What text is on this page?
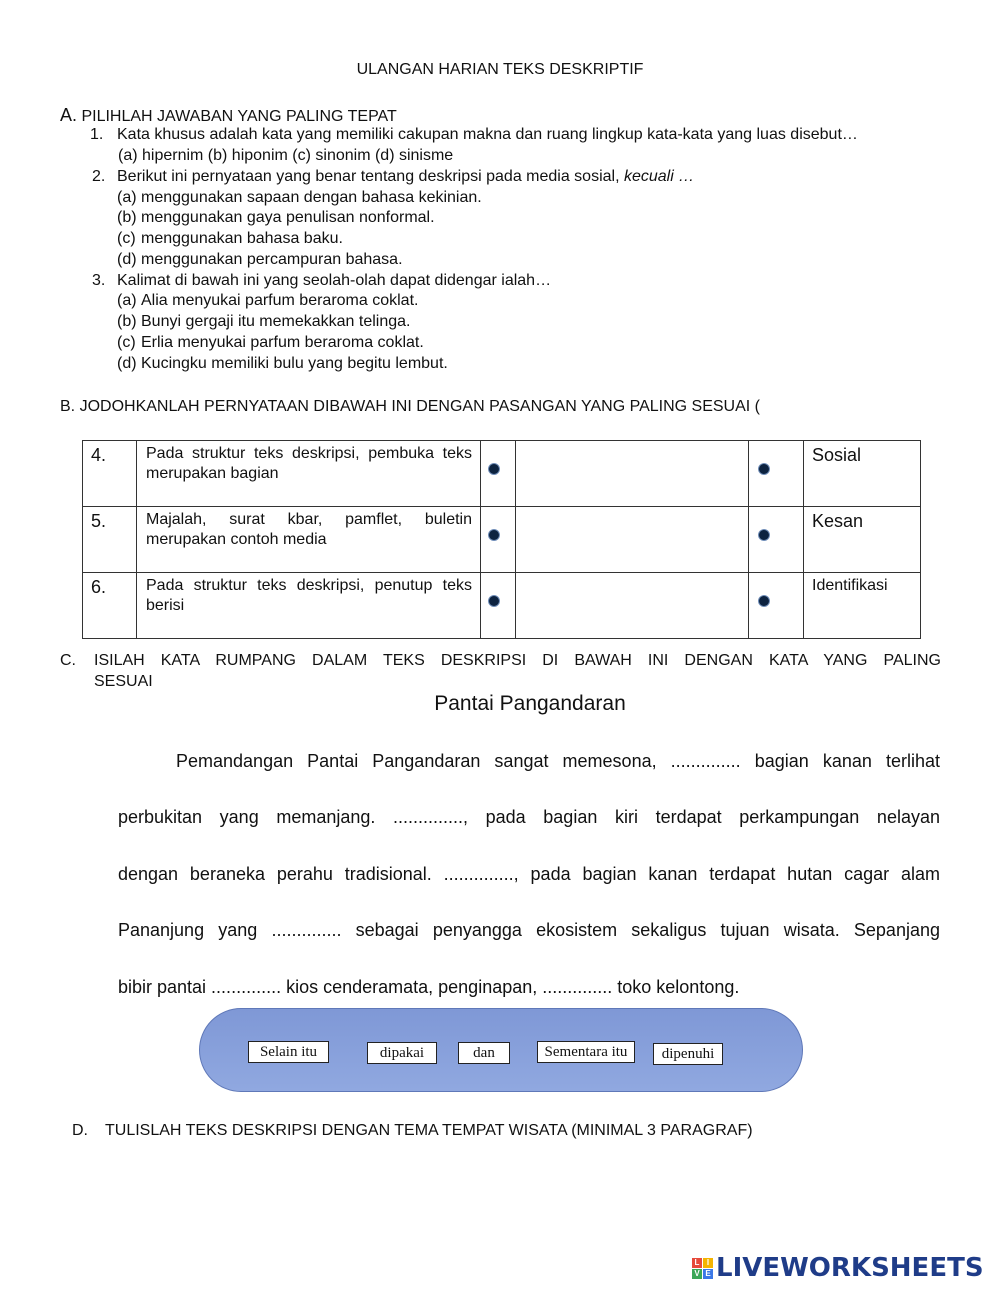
ULANGAN HARIAN TEKS DESKRIPTIF
A. PILIHLAH JAWABAN YANG PALING TEPAT
1. Kata khusus adalah kata yang memiliki cakupan makna dan ruang lingkup kata-kata yang luas disebut…
(a) hipernim (b) hiponim (c) sinonim (d) sinisme
2. Berikut ini pernyataan yang benar tentang deskripsi pada media sosial, kecuali …
(a) menggunakan sapaan dengan bahasa kekinian.
(b) menggunakan gaya penulisan nonformal.
(c) menggunakan bahasa baku.
(d) menggunakan percampuran bahasa.
3. Kalimat di bawah ini yang seolah-olah dapat didengar ialah…
(a) Alia menyukai parfum beraroma coklat.
(b) Bunyi gergaji itu memekakkan telinga.
(c) Erlia menyukai parfum beraroma coklat.
(d) Kucingku memiliki bulu yang begitu lembut.
B. JODOHKANLAH PERNYATAAN DIBAWAH INI DENGAN PASANGAN YANG PALING SESUAI (
4.	Pada struktur teks deskripsi, pembuka teks merupakan bagian				Sosial
5.	Majalah, surat kbar, pamflet, buletin merupakan contoh media				Kesan
6.	Pada struktur teks deskripsi, penutup teks berisi				Identifikasi
C. ISILAH KATA RUMPANG DALAM TEKS DESKRIPSI DI BAWAH INI DENGAN KATA YANG PALING
SESUAI
Pantai Pangandaran
Pemandangan Pantai Pangandaran sangat memesona, .............. bagian kanan terlihat
perbukitan yang memanjang. .............., pada bagian kiri terdapat perkampungan nelayan
dengan beraneka perahu tradisional. .............., pada bagian kanan terdapat hutan cagar alam
Pananjung yang .............. sebagai penyangga ekosistem sekaligus tujuan wisata. Sepanjang
bibir pantai .............. kios cenderamata, penginapan, .............. toko kelontong.
Selain itu	dipakai	dan	Sementara itu	dipenuhi
D. TULISLAH TEKS DESKRIPSI DENGAN TEMA TEMPAT WISATA (MINIMAL 3 PARAGRAF)
L I
V E LIVEWORKSHEETS
